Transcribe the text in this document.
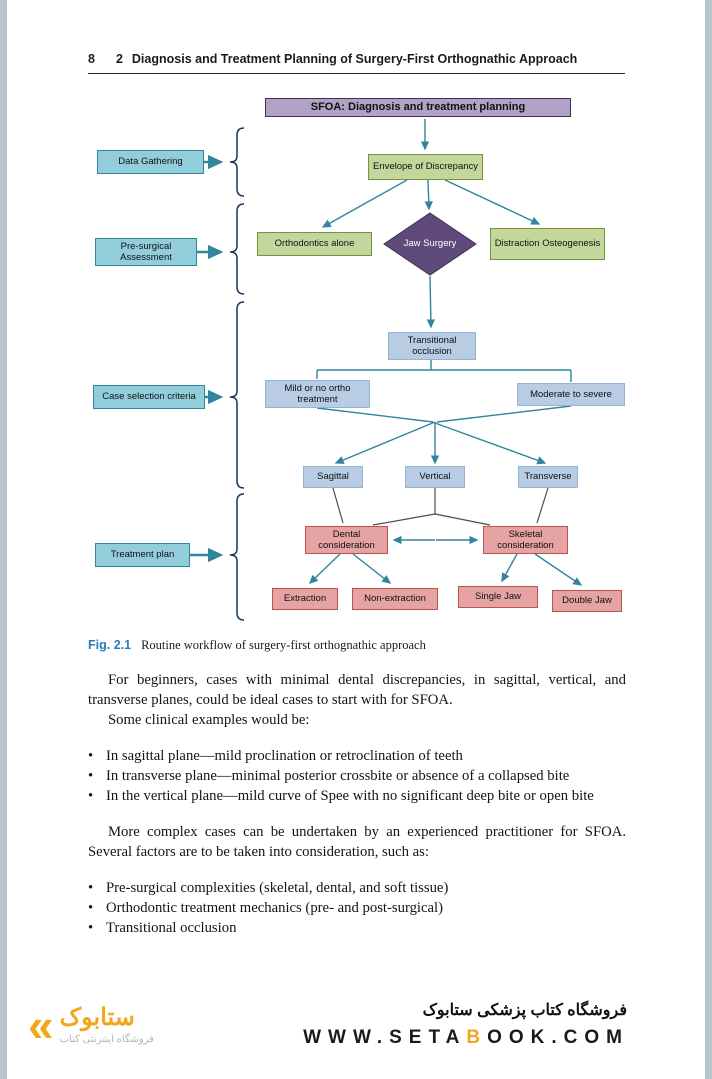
8 2 Diagnosis and Treatment Planning of Surgery-First Orthognathic Approach
SFOA: Diagnosis and treatment planning
Data Gathering
Pre-surgical Assessment
Case selection criteria
Treatment plan
Envelope of Discrepancy
Orthodontics alone	Jaw Surgery	Distraction Osteogenesis
Transitional occlusion
Mild or no ortho treatment	Moderate to severe
Sagittal	Vertical	Transverse
Dental consideration
Skeletal consideration
Extraction	Non-extraction	Single Jaw	Double Jaw
Fig. 2.1 Routine workflow of surgery-first orthognathic approach

For beginners, cases with minimal dental discrepancies, in sagittal, vertical, and transverse planes, could be ideal cases to start with for SFOA.

Some clinical examples would be:

• In sagittal plane—mild proclination or retroclination of teeth
• In transverse plane—minimal posterior crossbite or absence of a collapsed bite
• In the vertical plane—mild curve of Spee with no significant deep bite or open bite

More complex cases can be undertaken by an experienced practitioner for SFOA. Several factors are to be taken into consideration, such as:

• Pre-surgical complexities (skeletal, dental, and soft tissue)
• Orthodontic treatment mechanics (pre- and post-surgical)
• Transitional occlusion
فروشگاه کتاب پزشکی ستابوک
WWW.SETABOOK.COM
« ستابوک
فروشگاه اینترنتی کتاب
